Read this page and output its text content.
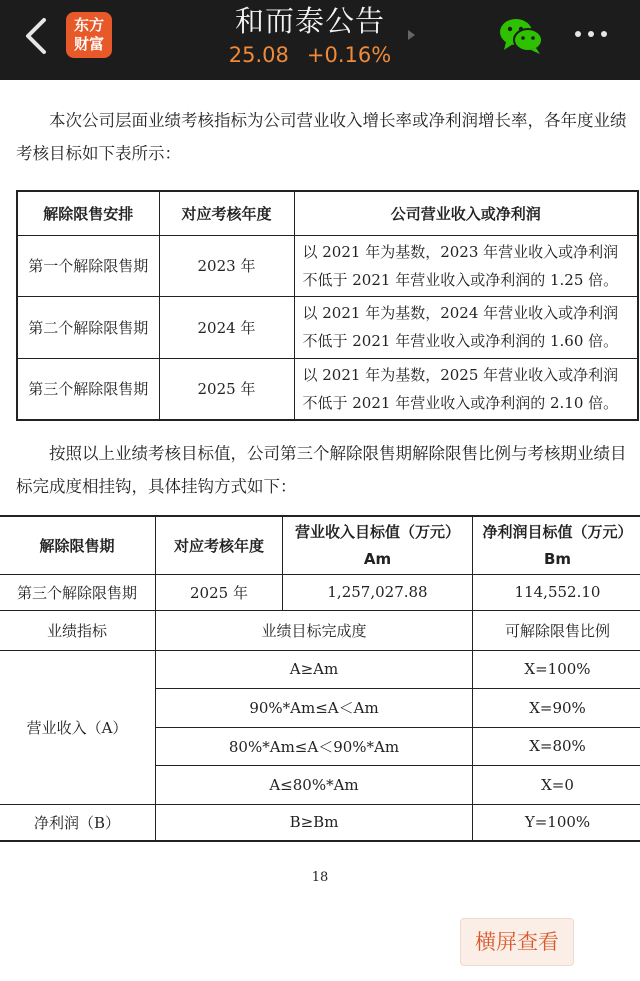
东方
财富
和而泰公告
25.08 +0.16%

本次公司层面业绩考核指标为公司营业收入增长率或净利润增长率，各年度业绩考核目标如下表所示：

解除限售安排	对应考核年度	公司营业收入或净利润
第一个解除限售期	2023 年	以 2021 年为基数，2023 年营业收入或净利润不低于 2021 年营业收入或净利润的 1.25 倍。
第二个解除限售期	2024 年	以 2021 年为基数，2024 年营业收入或净利润不低于 2021 年营业收入或净利润的 1.60 倍。
第三个解除限售期	2025 年	以 2021 年为基数，2025 年营业收入或净利润不低于 2021 年营业收入或净利润的 2.10 倍。

按照以上业绩考核目标值，公司第三个解除限售期解除限售比例与考核期业绩目标完成度相挂钩，具体挂钩方式如下：

解除限售期	对应考核年度	营业收入目标值（万元）	净利润目标值（万元）
		Am	Bm
第三个解除限售期	2025 年	1,257,027.88	114,552.10
业绩指标	业绩目标完成度		可解除限售比例
营业收入（A）	A≥Am		X=100%
	90%*Am≤A＜Am		X=90%
	80%*Am≤A＜90%*Am		X=80%
	A≤80%*Am		X=0
净利润（B）	B≥Bm		Y=100%
18
横屏查看
